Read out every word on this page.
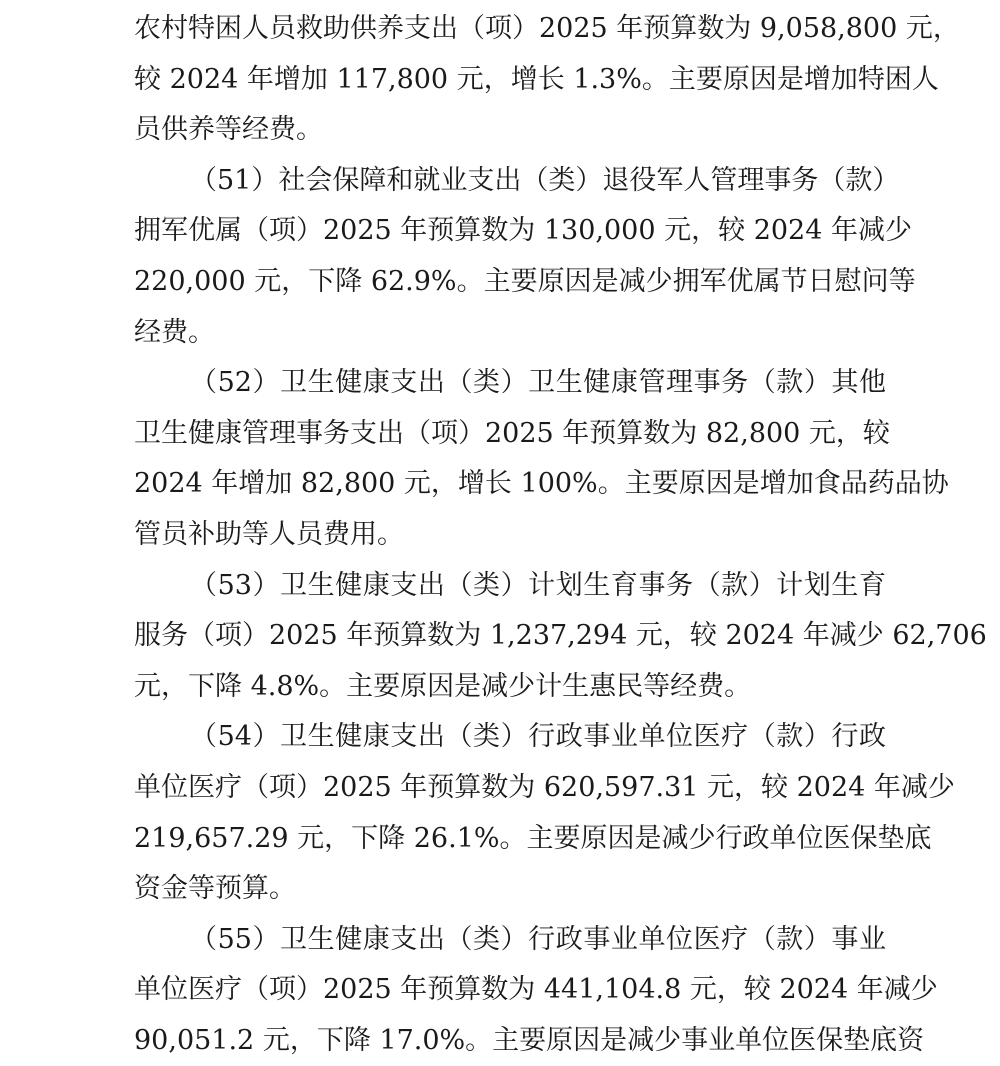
农村特困人员救助供养支出（项）2025 年预算数为 9,058,800 元，
较 2024 年增加 117,800 元，增长 1.3%。主要原因是增加特困人
员供养等经费。
（51）社会保障和就业支出（类）退役军人管理事务（款）
拥军优属（项）2025 年预算数为 130,000 元，较 2024 年减少
220,000 元，下降 62.9%。主要原因是减少拥军优属节日慰问等
经费。
（52）卫生健康支出（类）卫生健康管理事务（款）其他
卫生健康管理事务支出（项）2025 年预算数为 82,800 元，较
2024 年增加 82,800 元，增长 100%。主要原因是增加食品药品协
管员补助等人员费用。
（53）卫生健康支出（类）计划生育事务（款）计划生育
服务（项）2025 年预算数为 1,237,294 元，较 2024 年减少 62,706
元，下降 4.8%。主要原因是减少计生惠民等经费。
（54）卫生健康支出（类）行政事业单位医疗（款）行政
单位医疗（项）2025 年预算数为 620,597.31 元，较 2024 年减少
219,657.29 元，下降 26.1%。主要原因是减少行政单位医保垫底
资金等预算。
（55）卫生健康支出（类）行政事业单位医疗（款）事业
单位医疗（项）2025 年预算数为 441,104.8 元，较 2024 年减少
90,051.2 元，下降 17.0%。主要原因是减少事业单位医保垫底资
